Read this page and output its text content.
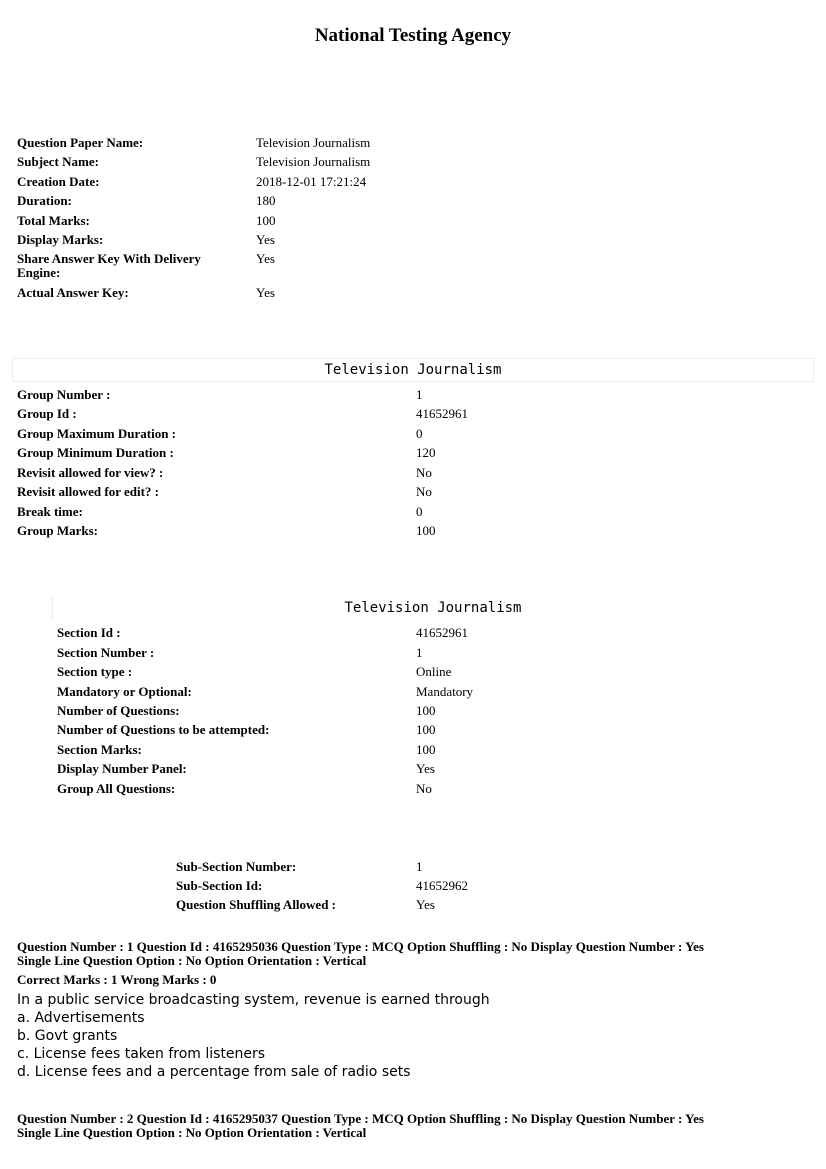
National Testing Agency
Question Paper Name:	Television Journalism
Subject Name:	Television Journalism
Creation Date:	2018-12-01 17:21:24
Duration:	180
Total Marks:	100
Display Marks:	Yes
Share Answer Key With Delivery
Engine:
Yes
Actual Answer Key:	Yes
Television Journalism
Group Number :	1
Group Id :	41652961
Group Maximum Duration :	0
Group Minimum Duration :	120
Revisit allowed for view? :	No
Revisit allowed for edit? :	No
Break time:	0
Group Marks:	100
Television Journalism
Section Id :	41652961
Section Number :	1
Section type :	Online
Mandatory or Optional:	Mandatory
Number of Questions:	100
Number of Questions to be attempted:	100
Section Marks:	100
Display Number Panel:	Yes
Group All Questions:	No
Sub-Section Number:	1
Sub-Section Id:	41652962
Question Shuffling Allowed :	Yes
Question Number : 1 Question Id : 4165295036 Question Type : MCQ Option Shuffling : No Display Question Number : Yes
Single Line Question Option : No Option Orientation : Vertical
Correct Marks : 1 Wrong Marks : 0
In a public service broadcasting system, revenue is earned through
a. Advertisements
b. Govt grants
c. License fees taken from listeners
d. License fees and a percentage from sale of radio sets
Question Number : 2 Question Id : 4165295037 Question Type : MCQ Option Shuffling : No Display Question Number : Yes
Single Line Question Option : No Option Orientation : Vertical
